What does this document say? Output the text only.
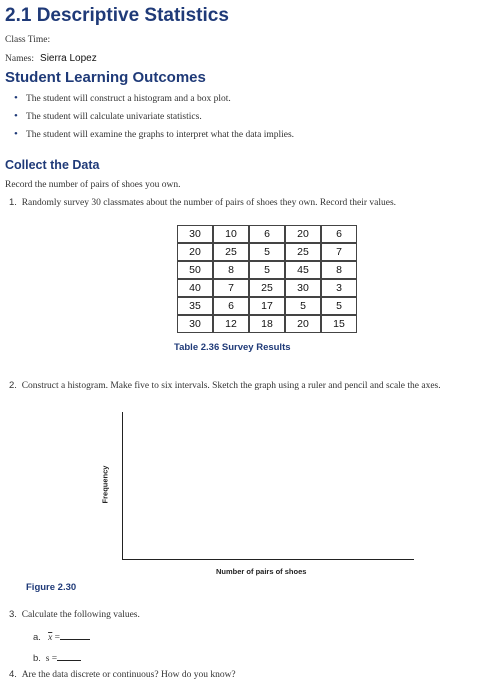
2.1 Descriptive Statistics
Class Time:
Names: Sierra Lopez
Student Learning Outcomes
• The student will construct a histogram and a box plot.
• The student will calculate univariate statistics.
• The student will examine the graphs to interpret what the data implies.
Collect the Data
Record the number of pairs of shoes you own.
1. Randomly survey 30 classmates about the number of pairs of shoes they own. Record their values.
30	10	6	20	6
20	25	5	25	7
50	8	5	45	8
40	7	25	30	3
35	6	17	5	5
30	12	18	20	15
Table 2.36 Survey Results
2. Construct a histogram. Make five to six intervals. Sketch the graph using a ruler and pencil and scale the axes.
Frequency
Number of pairs of shoes
Figure 2.30
3. Calculate the following values.
a. $\overline{x}$ =
b. s =
4. Are the data discrete or continuous? How do you know?
